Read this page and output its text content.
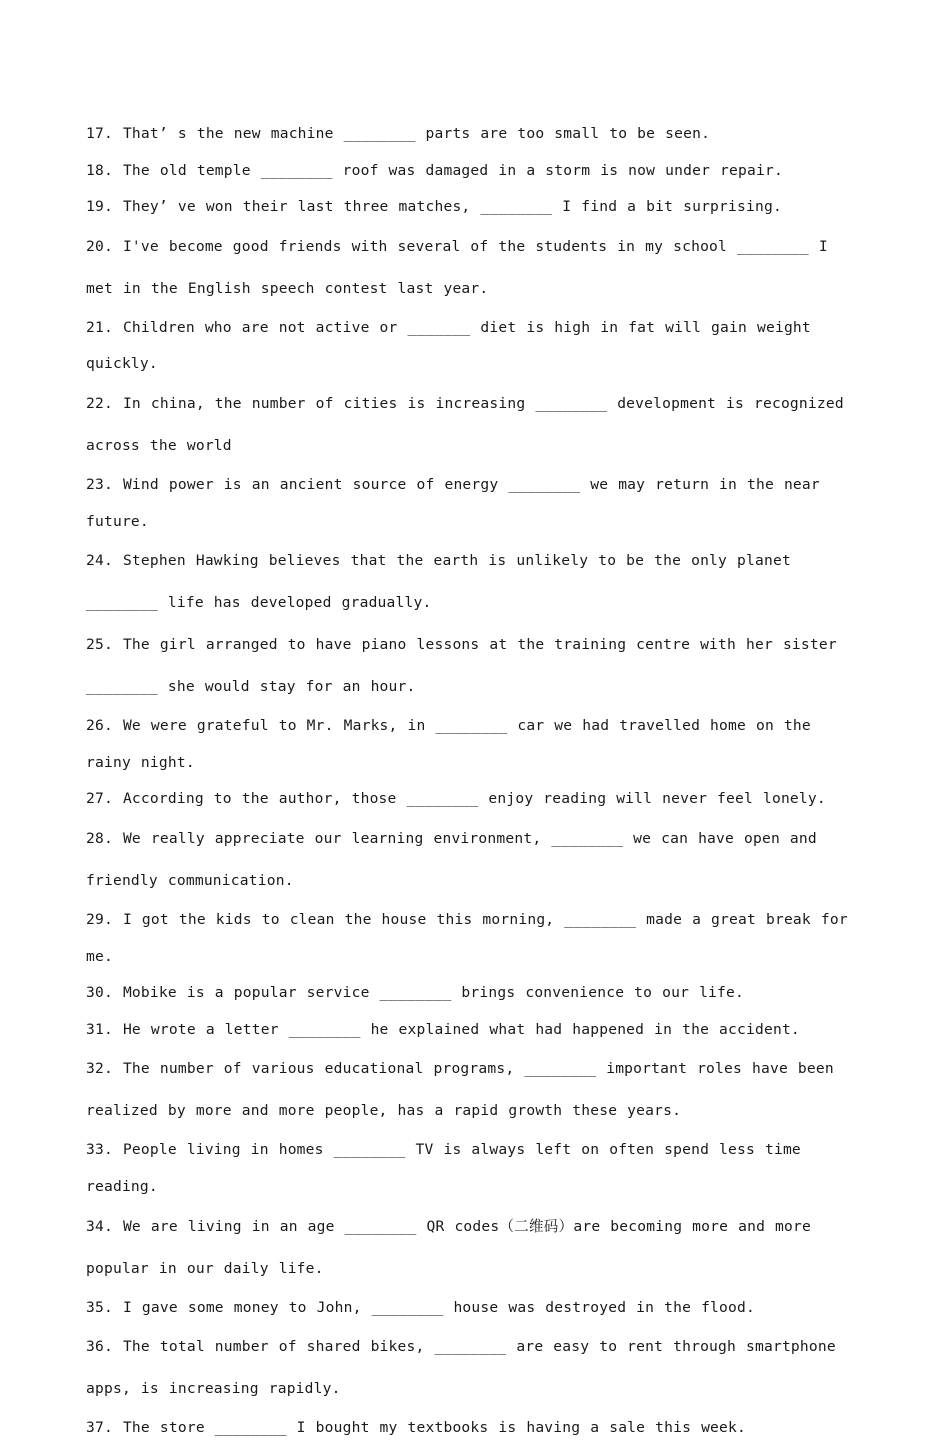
17. That’ s the new machine ________ parts are too small to be seen.

18. The old temple ________ roof was damaged in a storm is now under repair.

19. They’ ve won their last three matches, ________ I find a bit surprising.

20. I've become good friends with several of the students in my school ________ I met in the English speech contest last year.

21. Children who are not active or _______ diet is high in fat will gain weight quickly.

22. In china, the number of cities is increasing ________ development is recognized across the world

23. Wind power is an ancient source of energy ________ we may return in the near future.

24. Stephen Hawking believes that the earth is unlikely to be the only planet ________ life has developed gradually.

25. The girl arranged to have piano lessons at the training centre with her sister ________ she would stay for an hour.

26. We were grateful to Mr. Marks, in ________ car we had travelled home on the rainy night.

27. According to the author, those ________ enjoy reading will never feel lonely.

28. We really appreciate our learning environment, ________ we can have open and friendly communication.

29. I got the kids to clean the house this morning, ________ made a great break for me.

30. Mobike is a popular service ________ brings convenience to our life.

31. He wrote a letter ________ he explained what had happened in the accident.

32. The number of various educational programs, ________ important roles have been realized by more and more people, has a rapid growth these years.

33. People living in homes ________ TV is always left on often spend less time reading.

34. We are living in an age ________ QR codes（二维码）are becoming more and more popular in our daily life.

35. I gave some money to John, ________ house was destroyed in the flood.

36. The total number of shared bikes, ________ are easy to rent through smartphone apps, is increasing rapidly.

37. The store ________ I bought my textbooks is having a sale this week.
